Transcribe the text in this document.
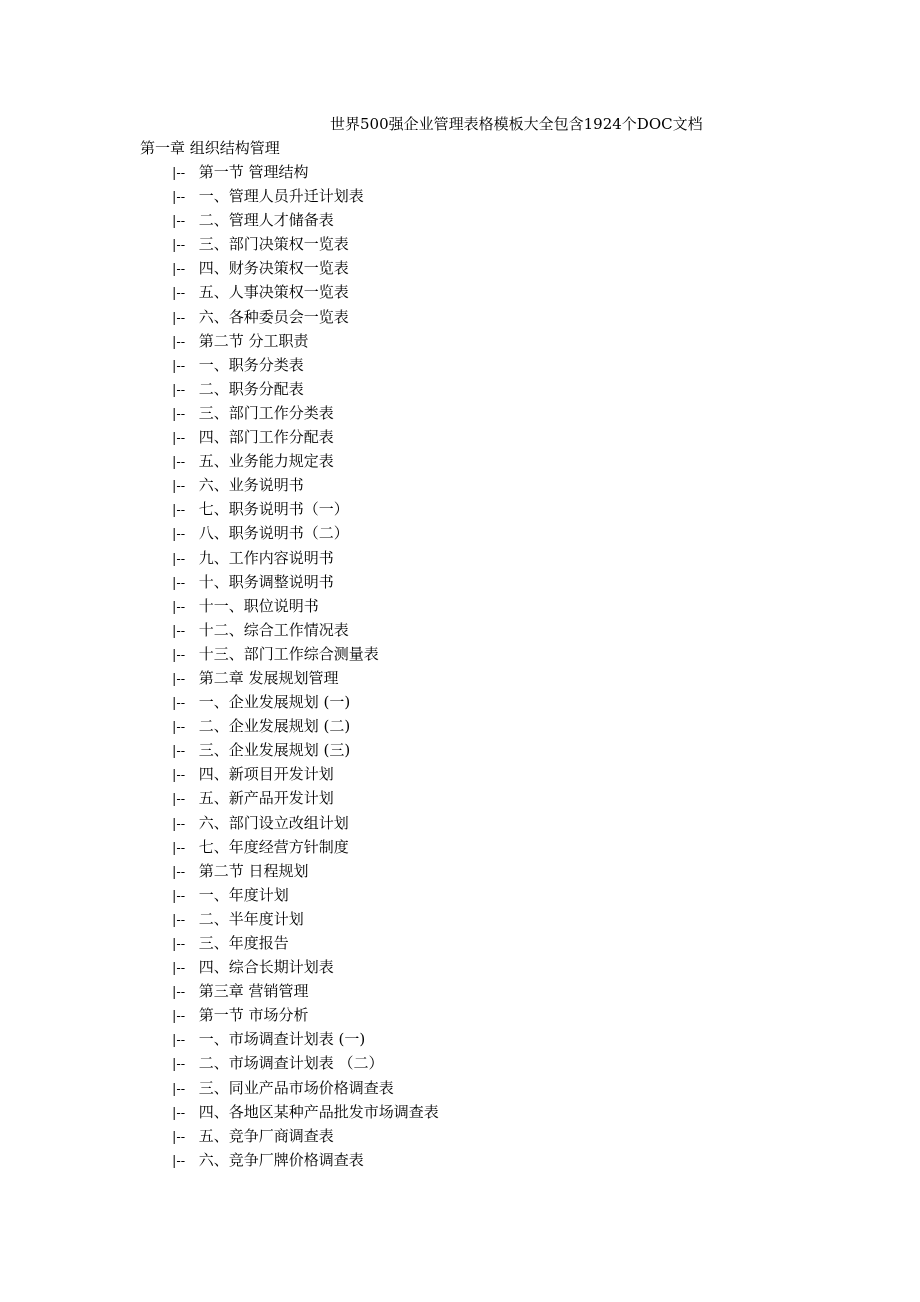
世界500强企业管理表格模板大全包含1924个DOC文档
第一章 组织结构管理
|-- 第一节 管理结构
|-- 一、管理人员升迁计划表
|-- 二、管理人才储备表
|-- 三、部门决策权一览表
|-- 四、财务决策权一览表
|-- 五、人事决策权一览表
|-- 六、各种委员会一览表
|-- 第二节 分工职责
|-- 一、职务分类表
|-- 二、职务分配表
|-- 三、部门工作分类表
|-- 四、部门工作分配表
|-- 五、业务能力规定表
|-- 六、业务说明书
|-- 七、职务说明书（一）
|-- 八、职务说明书（二）
|-- 九、工作内容说明书
|-- 十、职务调整说明书
|-- 十一、职位说明书
|-- 十二、综合工作情况表
|-- 十三、部门工作综合测量表
|-- 第二章 发展规划管理
|-- 一、企业发展规划 (一)
|-- 二、企业发展规划 (二)
|-- 三、企业发展规划 (三)
|-- 四、新项目开发计划
|-- 五、新产品开发计划
|-- 六、部门设立改组计划
|-- 七、年度经营方针制度
|-- 第二节 日程规划
|-- 一、年度计划
|-- 二、半年度计划
|-- 三、年度报告
|-- 四、综合长期计划表
|-- 第三章 营销管理
|-- 第一节 市场分析
|-- 一、市场调查计划表 (一)
|-- 二、市场调查计划表 （二）
|-- 三、同业产品市场价格调查表
|-- 四、各地区某种产品批发市场调查表
|-- 五、竞争厂商调查表
|-- 六、竞争厂牌价格调查表
